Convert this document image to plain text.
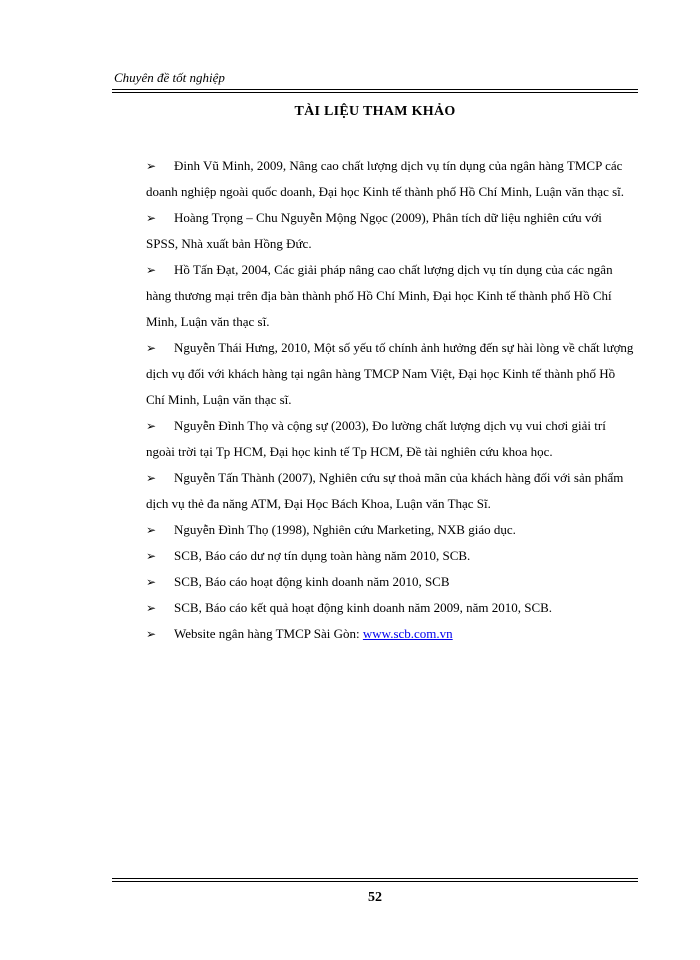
Chuyên đề tốt nghiệp
TÀI LIỆU THAM KHẢO
➢	Đinh Vũ Minh, 2009, Nâng cao chất lượng dịch vụ tín dụng của ngân hàng TMCP các doanh nghiệp ngoài quốc doanh, Đại học Kinh tế thành phố Hồ Chí Minh, Luận văn thạc sĩ.
➢	Hoàng Trọng – Chu Nguyễn Mộng Ngọc (2009), Phân tích dữ liệu nghiên cứu với SPSS, Nhà xuất bản Hồng Đức.
➢	Hồ Tấn Đạt, 2004, Các giải pháp nâng cao chất lượng dịch vụ tín dụng của các ngân hàng thương mại trên địa bàn thành phố Hồ Chí Minh, Đại học Kinh tế thành phố Hồ Chí Minh, Luận văn thạc sĩ.
➢	Nguyễn Thái Hưng, 2010, Một số yếu tố chính ảnh hưởng đến sự hài lòng về chất lượng dịch vụ đối với khách hàng tại ngân hàng TMCP Nam Việt, Đại học Kinh tế thành phố Hồ Chí Minh, Luận văn thạc sĩ.
➢	Nguyễn Đình Thọ và cộng sự (2003), Đo lường chất lượng dịch vụ vui chơi giải trí ngoài trời tại Tp HCM, Đại học kinh tế Tp HCM, Đề tài nghiên cứu khoa học.
➢	Nguyễn Tấn Thành (2007), Nghiên cứu sự thoả mãn của khách hàng đối với sản phẩm dịch vụ thẻ đa năng ATM, Đại Học Bách Khoa, Luận văn Thạc Sĩ.
➢	Nguyễn Đình Thọ (1998), Nghiên cứu Marketing, NXB giáo dục.
➢	SCB, Báo cáo dư nợ tín dụng toàn hàng năm 2010, SCB.
➢	SCB, Báo cáo hoạt động kinh doanh năm 2010, SCB
➢	SCB, Báo cáo kết quả hoạt động kinh doanh năm 2009, năm 2010, SCB.
➢	Website ngân hàng TMCP Sài Gòn: www.scb.com.vn
52
